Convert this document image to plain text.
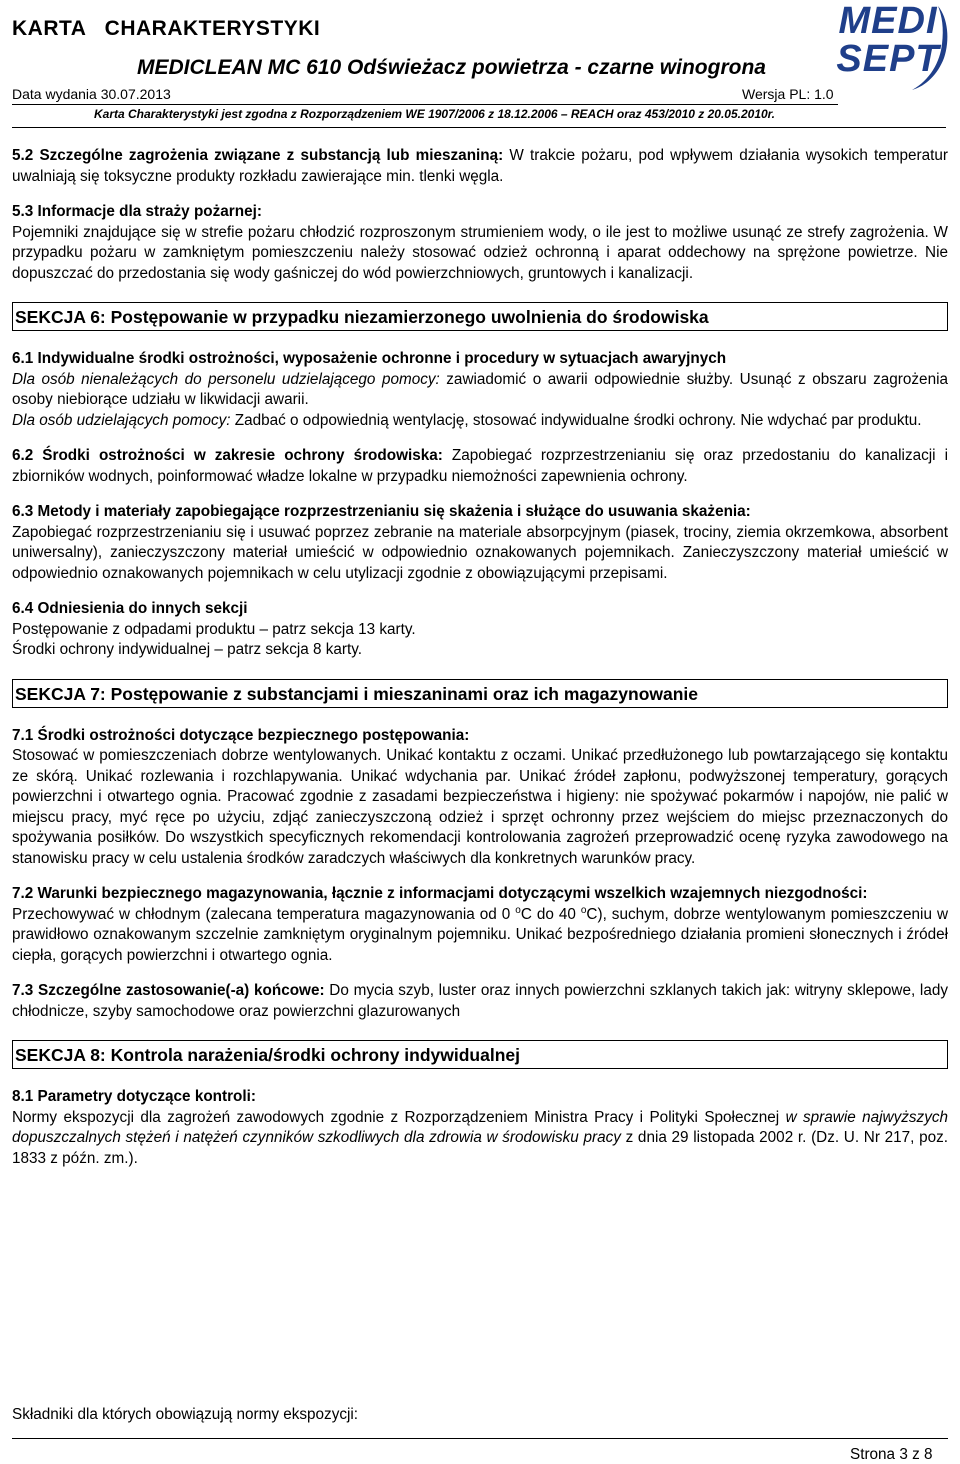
KARTA   CHARAKTERYSTYKI
MEDICLEAN MC 610 Odświeżacz powietrza - czarne winogrona
Data wydania 30.07.2013	Wersja PL: 1.0
Karta Charakterystyki jest zgodna z Rozporządzeniem WE 1907/2006 z 18.12.2006 – REACH oraz 453/2010 z 20.05.2010r.
MEDI
SEPT

5.2 Szczególne zagrożenia związane z substancją lub mieszaniną: W trakcie pożaru, pod wpływem działania wysokich temperatur uwalniają się toksyczne produkty rozkładu zawierające min. tlenki węgla.

5.3 Informacje dla straży pożarnej:

Pojemniki znajdujące się w strefie pożaru chłodzić rozproszonym strumieniem wody, o ile jest to możliwe usunąć ze strefy zagrożenia. W przypadku pożaru w zamkniętym pomieszczeniu należy stosować odzież ochronną i aparat oddechowy na sprężone powietrze. Nie dopuszczać do przedostania się wody gaśniczej do wód powierzchniowych, gruntowych i kanalizacji.

SEKCJA 6: Postępowanie w przypadku niezamierzonego uwolnienia do środowiska

6.1 Indywidualne środki ostrożności, wyposażenie ochronne i procedury w sytuacjach awaryjnych

Dla osób nienależących do personelu udzielającego pomocy: zawiadomić o awarii odpowiednie służby. Usunąć z obszaru zagrożenia osoby niebiorące udziału w likwidacji awarii.

Dla osób udzielających pomocy: Zadbać o odpowiednią wentylację, stosować indywidualne środki ochrony. Nie wdychać par produktu.

6.2 Środki ostrożności w zakresie ochrony środowiska: Zapobiegać rozprzestrzenianiu się oraz przedostaniu do kanalizacji i zbiorników wodnych, poinformować władze lokalne w przypadku niemożności zapewnienia ochrony.

6.3 Metody i materiały zapobiegające rozprzestrzenianiu się skażenia i służące do usuwania skażenia:

Zapobiegać rozprzestrzenianiu się i usuwać poprzez zebranie na materiale absorpcyjnym (piasek, trociny, ziemia okrzemkowa, absorbent uniwersalny), zanieczyszczony materiał umieścić w odpowiednio oznakowanych pojemnikach. Zanieczyszczony materiał umieścić w odpowiednio oznakowanych pojemnikach w celu utylizacji zgodnie z obowiązującymi przepisami.

6.4 Odniesienia do innych sekcji

Postępowanie z odpadami produktu – patrz sekcja 13 karty.

Środki ochrony indywidualnej – patrz sekcja 8 karty.

SEKCJA 7: Postępowanie z substancjami i mieszaninami oraz ich magazynowanie

7.1 Środki ostrożności dotyczące bezpiecznego postępowania:

Stosować w pomieszczeniach dobrze wentylowanych. Unikać kontaktu z oczami. Unikać przedłużonego lub powtarzającego się kontaktu ze skórą. Unikać rozlewania i rozchlapywania. Unikać wdychania par. Unikać źródeł zapłonu, podwyższonej temperatury, gorących powierzchni i otwartego ognia. Pracować zgodnie z zasadami bezpieczeństwa i higieny: nie spożywać pokarmów i napojów, nie palić w miejscu pracy, myć ręce po użyciu, zdjąć zanieczyszczoną odzież i sprzęt ochronny przez wejściem do miejsc przeznaczonych do spożywania posiłków. Do wszystkich specyficznych rekomendacji kontrolowania zagrożeń przeprowadzić ocenę ryzyka zawodowego na stanowisku pracy w celu ustalenia środków zaradczych właściwych dla konkretnych warunków pracy.

7.2 Warunki bezpiecznego magazynowania, łącznie z informacjami dotyczącymi wszelkich wzajemnych niezgodności:

Przechowywać w chłodnym (zalecana temperatura magazynowania od 0 $^o$C do 40 $^o$C), suchym, dobrze wentylowanym pomieszczeniu w prawidłowo oznakowanym szczelnie zamkniętym oryginalnym pojemniku. Unikać bezpośredniego działania promieni słonecznych i źródeł ciepła, gorących powierzchni i otwartego ognia.

7.3 Szczególne zastosowanie(-a) końcowe: Do mycia szyb, luster oraz innych powierzchni szklanych takich jak: witryny sklepowe, lady chłodnicze, szyby samochodowe oraz powierzchni glazurowanych

SEKCJA 8: Kontrola narażenia/środki ochrony indywidualnej

8.1 Parametry dotyczące kontroli:

Normy ekspozycji dla zagrożeń zawodowych zgodnie z Rozporządzeniem Ministra Pracy i Polityki Społecznej w sprawie najwyższych dopuszczalnych stężeń i natężeń czynników szkodliwych dla zdrowia w środowisku pracy z dnia 29 listopada 2002 r. (Dz. U. Nr 217, poz. 1833 z późn. zm.).

Składniki dla których obowiązują normy ekspozycji:
Strona 3 z 8
